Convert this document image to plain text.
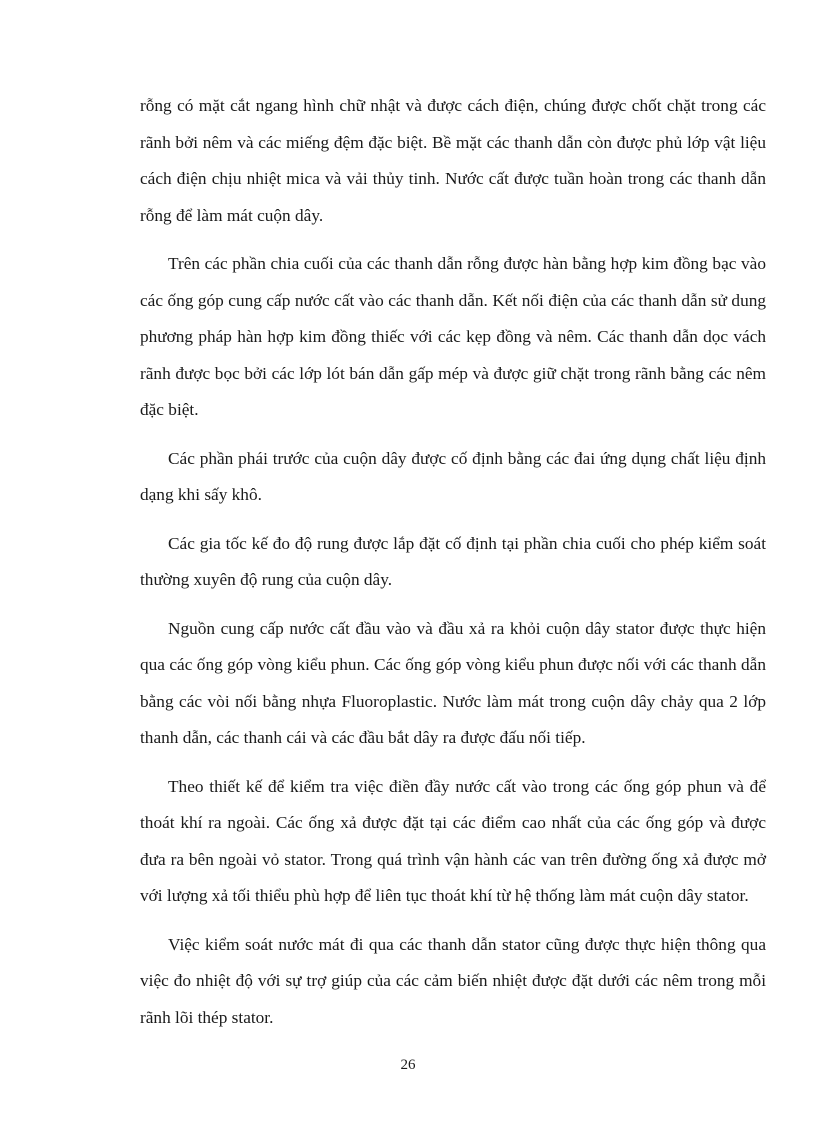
rỗng có mặt cắt ngang hình chữ nhật và được cách điện, chúng được chốt chặt trong các rãnh bởi nêm và các miếng đệm đặc biệt. Bề mặt các thanh dẫn còn được phủ lớp vật liệu cách điện chịu nhiệt mica và vải thủy tinh. Nước cất được tuần hoàn trong các thanh dẫn rỗng để làm mát cuộn dây.

Trên các phần chia cuối của các thanh dẫn rỗng được hàn bằng hợp kim đồng bạc vào các ống góp cung cấp nước cất vào các thanh dẫn. Kết nối điện của các thanh dẫn sử dung phương pháp hàn hợp kim đồng thiếc với các kẹp đồng và nêm. Các thanh dẫn dọc vách rãnh được bọc bởi các lớp lót bán dẫn gấp mép và được giữ chặt trong rãnh bằng các nêm đặc biệt.

Các phần phái trước của cuộn dây được cố định bằng các đai ứng dụng chất liệu định dạng khi sấy khô.

Các gia tốc kế đo độ rung được lắp đặt cố định tại phần chia cuối cho phép kiểm soát thường xuyên độ rung của cuộn dây.

Nguồn cung cấp nước cất đầu vào và đầu xả ra khỏi cuộn dây stator được thực hiện qua các ống góp vòng kiểu phun. Các ống góp vòng kiểu phun được nối với các thanh dẫn bằng các vòi nối bằng nhựa Fluoroplastic. Nước làm mát trong cuộn dây chảy qua 2 lớp thanh dẫn, các thanh cái và các đầu bắt dây ra được đấu nối tiếp.

Theo thiết kế để kiểm tra việc điền đầy nước cất vào trong các ống góp phun và để thoát khí ra ngoài. Các ống xả được đặt tại các điểm cao nhất của các ống góp và được đưa ra bên ngoài vỏ stator. Trong quá trình vận hành các van trên đường ống xả được mở với lượng xả tối thiểu phù hợp để liên tục thoát khí từ hệ thống làm mát cuộn dây stator.

Việc kiểm soát nước mát đi qua các thanh dẫn stator cũng được thực hiện thông qua việc đo nhiệt độ với sự trợ giúp của các cảm biến nhiệt được đặt dưới các nêm trong mỗi rãnh lõi thép stator.

26
